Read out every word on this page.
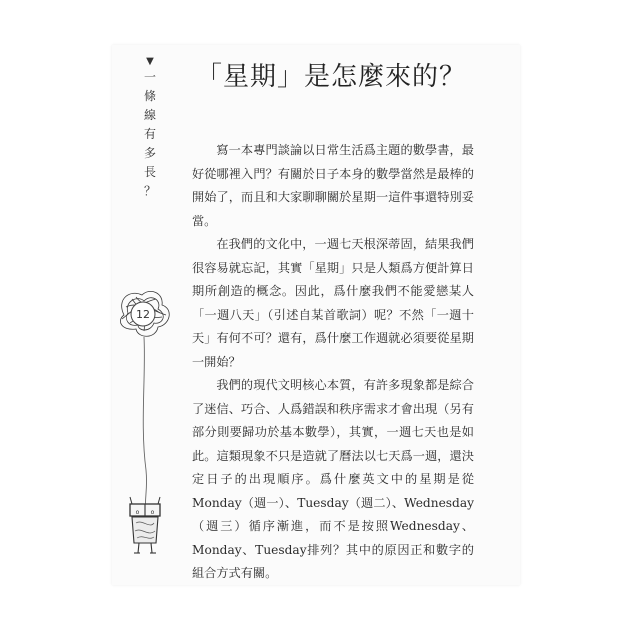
▼
一
條
線
有
多
長
？
「星期」是怎麼來的？

寫一本專門談論以日常生活爲主題的數學書，最好從哪裡入門？有關於日子本身的數學當然是最棒的開始了，而且和大家聊聊關於星期一這件事還特別妥當。

在我們的文化中，一週七天根深蒂固，結果我們很容易就忘記，其實「星期」只是人類爲方便計算日期所創造的概念。因此，爲什麼我們不能愛戀某人「一週八天」（引述自某首歌詞）呢？不然「一週十天」有何不可？還有，爲什麼工作週就必須要從星期一開始？

我們的現代文明核心本質，有許多現象都是綜合了迷信、巧合、人爲錯誤和秩序需求才會出現（另有部分則要歸功於基本數學），其實，一週七天也是如此。這類現象不只是造就了曆法以七天爲一週，還決定日子的出現順序。爲什麼英文中的星期是從Monday（週一）、Tuesday（週二）、Wednesday（週三）循序漸進，而不是按照Wednesday、Monday、Tuesday排列？其中的原因正和數字的組合方式有關。

12
o o
